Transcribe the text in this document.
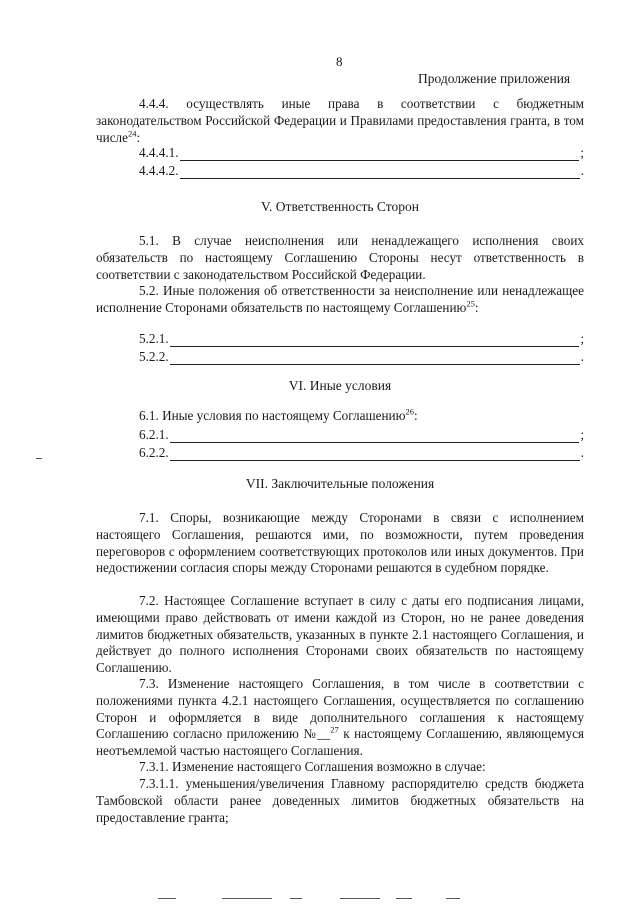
8
Продолжение приложения
4.4.4. осуществлять иные права в соответствии с бюджетным законодательством Российской Федерации и Правилами предоставления гранта, в том числе$^{24}$:
4.4.4.1.	;
4.4.4.2.	.
V. Ответственность Сторон
5.1. В случае неисполнения или ненадлежащего исполнения своих обязательств по настоящему Соглашению Стороны несут ответственность в соответствии с законодательством Российской Федерации.
5.2. Иные положения об ответственности за неисполнение или ненадлежащее исполнение Сторонами обязательств по настоящему Соглашению$^{25}$:
5.2.1.	;
5.2.2.	.
VI. Иные условия
6.1. Иные условия по настоящему Соглашению$^{26}$:
6.2.1.	;
6.2.2.	.
VII. Заключительные положения
7.1. Споры, возникающие между Сторонами в связи с исполнением настоящего Соглашения, решаются ими, по возможности, путем проведения переговоров с оформлением соответствующих протоколов или иных документов. При недостижении согласия споры между Сторонами решаются в судебном порядке.
7.2. Настоящее Соглашение вступает в силу с даты его подписания лицами, имеющими право действовать от имени каждой из Сторон, но не ранее доведения лимитов бюджетных обязательств, указанных в пункте 2.1 настоящего Соглашения, и действует до полного исполнения Сторонами своих обязательств по настоящему Соглашению.
7.3. Изменение настоящего Соглашения, в том числе в соответствии с положениями пункта 4.2.1 настоящего Соглашения, осуществляется по соглашению Сторон и оформляется в виде дополнительного соглашения к настоящему Соглашению согласно приложению №__$^{27}$ к настоящему Соглашению, являющемуся неотъемлемой частью настоящего Соглашения.
7.3.1. Изменение настоящего Соглашения возможно в случае:
7.3.1.1. уменьшения/увеличения Главному распорядителю средств бюджета Тамбовской области ранее доведенных лимитов бюджетных обязательств на предоставление гранта;
